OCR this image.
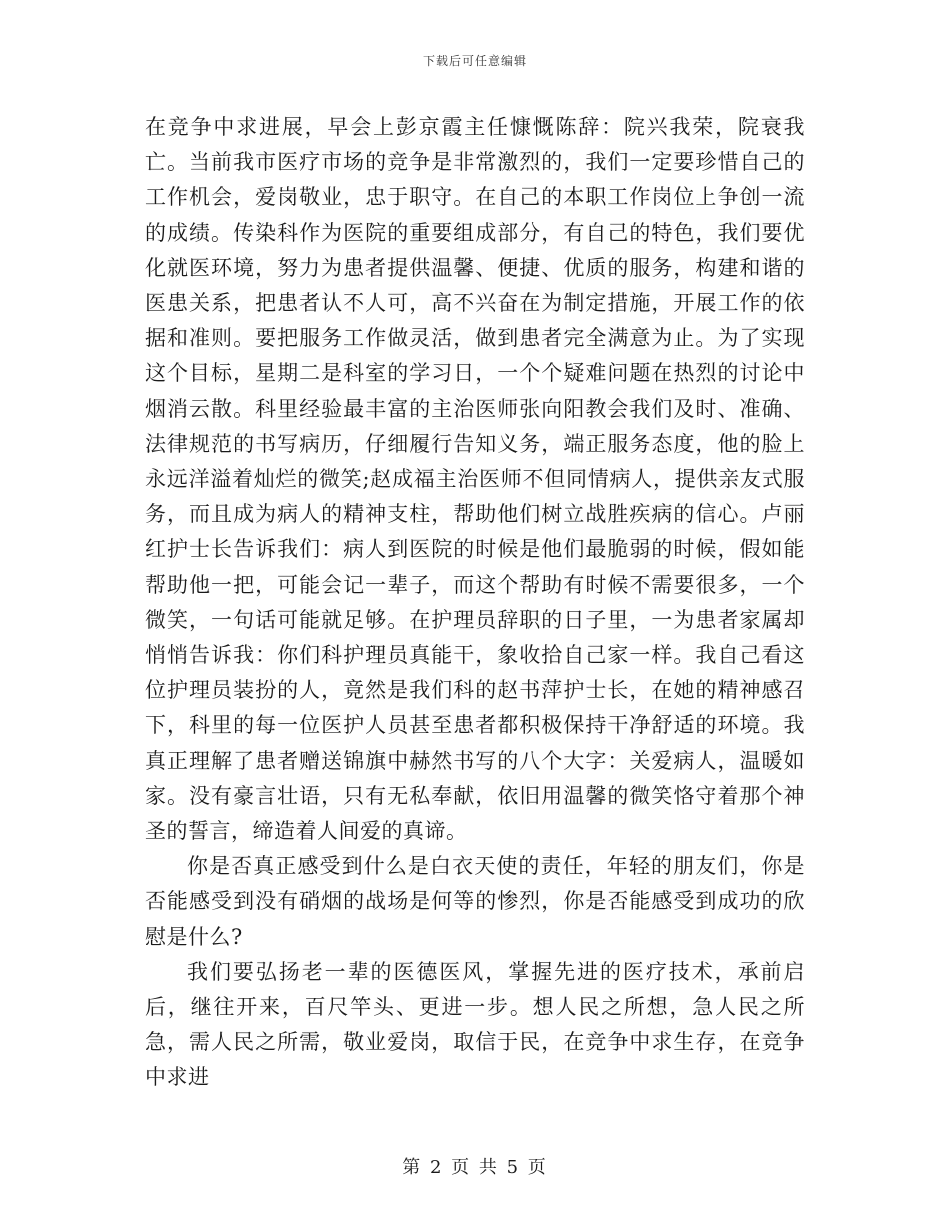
下载后可任意编辑

在竞争中求进展，早会上彭京霞主任慷慨陈辞：院兴我荣，院衰我亡。当前我市医疗市场的竞争是非常激烈的，我们一定要珍惜自己的工作机会，爱岗敬业，忠于职守。在自己的本职工作岗位上争创一流的成绩。传染科作为医院的重要组成部分，有自己的特色，我们要优化就医环境，努力为患者提供温馨、便捷、优质的服务，构建和谐的医患关系，把患者认不人可，高不兴奋在为制定措施，开展工作的依据和准则。要把服务工作做灵活，做到患者完全满意为止。为了实现这个目标，星期二是科室的学习日，一个个疑难问题在热烈的讨论中烟消云散。科里经验最丰富的主治医师张向阳教会我们及时、准确、法律规范的书写病历，仔细履行告知义务，端正服务态度，他的脸上永远洋溢着灿烂的微笑;赵成福主治医师不但同情病人，提供亲友式服务，而且成为病人的精神支柱，帮助他们树立战胜疾病的信心。卢丽红护士长告诉我们：病人到医院的时候是他们最脆弱的时候，假如能帮助他一把，可能会记一辈子，而这个帮助有时候不需要很多，一个微笑，一句话可能就足够。在护理员辞职的日子里，一为患者家属却悄悄告诉我：你们科护理员真能干，象收拾自己家一样。我自己看这位护理员装扮的人，竟然是我们科的赵书萍护士长，在她的精神感召下，科里的每一位医护人员甚至患者都积极保持干净舒适的环境。我真正理解了患者赠送锦旗中赫然书写的八个大字：关爱病人，温暖如家。没有豪言壮语，只有无私奉献，依旧用温馨的微笑恪守着那个神圣的誓言，缔造着人间爱的真谛。

你是否真正感受到什么是白衣天使的责任，年轻的朋友们，你是否能感受到没有硝烟的战场是何等的惨烈，你是否能感受到成功的欣慰是什么?

我们要弘扬老一辈的医德医风，掌握先进的医疗技术，承前启后，继往开来，百尺竿头、更进一步。想人民之所想，急人民之所急，需人民之所需，敬业爱岗，取信于民，在竞争中求生存，在竞争中求进

第 2 页 共 5 页
